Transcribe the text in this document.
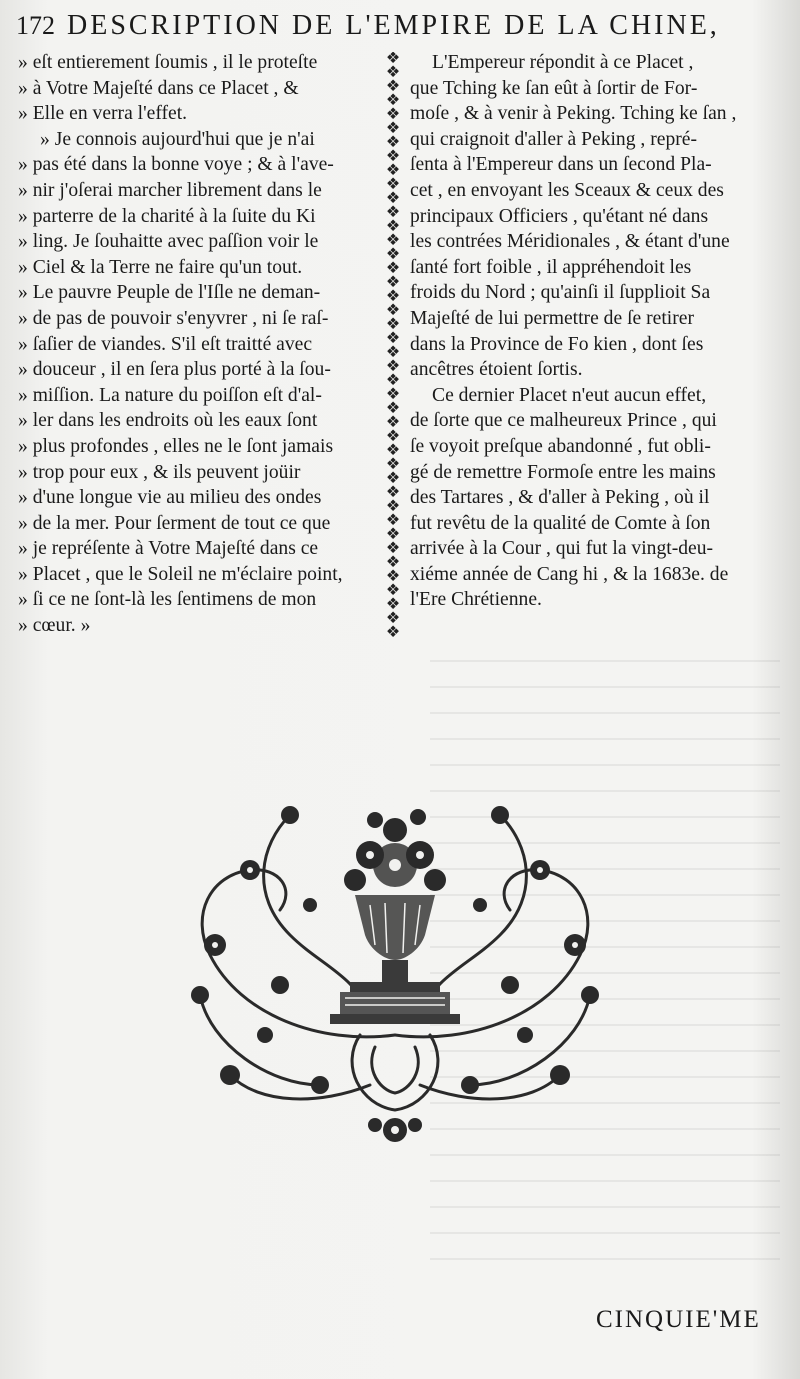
172 DESCRIPTION DE L'EMPIRE DE LA CHINE,
» eſt entierement ſoumis , il le proteſte
» à Votre Majeſté dans ce Placet , &
» Elle en verra l'effet.
» Je connois aujourd'hui que je n'ai
» pas été dans la bonne voye ; & à l'ave-
» nir j'oſerai marcher librement dans le
» parterre de la charité à la ſuite du Ki
» ling. Je ſouhaitte avec paſſion voir le
» Ciel & la Terre ne faire qu'un tout.
» Le pauvre Peuple de l'Iſle ne deman-
» de pas de pouvoir s'enyvrer , ni ſe raſ-
» ſaſier de viandes. S'il eſt traitté avec
» douceur , il en ſera plus porté à la ſou-
» miſſion. La nature du poiſſon eſt d'al-
» ler dans les endroits où les eaux ſont
» plus profondes , elles ne le ſont jamais
» trop pour eux , & ils peuvent joüir
» d'une longue vie au milieu des ondes
» de la mer. Pour ſerment de tout ce que
» je repréſente à Votre Majeſté dans ce
» Placet , que le Soleil ne m'éclaire point,
» ſi ce ne ſont-là les ſentimens de mon
» cœur. »
❖
❖
❖
❖
❖
❖
❖
❖
❖
❖
❖
❖
❖
❖
❖
❖
❖
❖
❖
❖
❖
❖
❖
❖
❖
❖
❖
❖
❖
❖
❖
❖
❖
❖
❖
❖
❖
❖
❖
❖
❖
❖
L'Empereur répondit à ce Placet ,
que Tching ke ſan eût à ſortir de For-
moſe , & à venir à Peking. Tching ke ſan ,
qui craignoit d'aller à Peking , repré-
ſenta à l'Empereur dans un ſecond Pla-
cet , en envoyant les Sceaux & ceux des
principaux Officiers , qu'étant né dans
les contrées Méridionales , & étant d'une
ſanté fort foible , il appréhendoit les
froids du Nord ; qu'ainſi il ſupplioit Sa
Majeſté de lui permettre de ſe retirer
dans la Province de Fo kien , dont ſes
ancêtres étoient ſortis.
Ce dernier Placet n'eut aucun effet,
de ſorte que ce malheureux Prince , qui
ſe voyoit preſque abandonné , fut obli-
gé de remettre Formoſe entre les mains
des Tartares , & d'aller à Peking , où il
fut revêtu de la qualité de Comte à ſon
arrivée à la Cour , qui fut la vingt-deu-
xiéme année de Cang hi , & la 1683e. de
l'Ere Chrétienne.
CINQUIE'ME
